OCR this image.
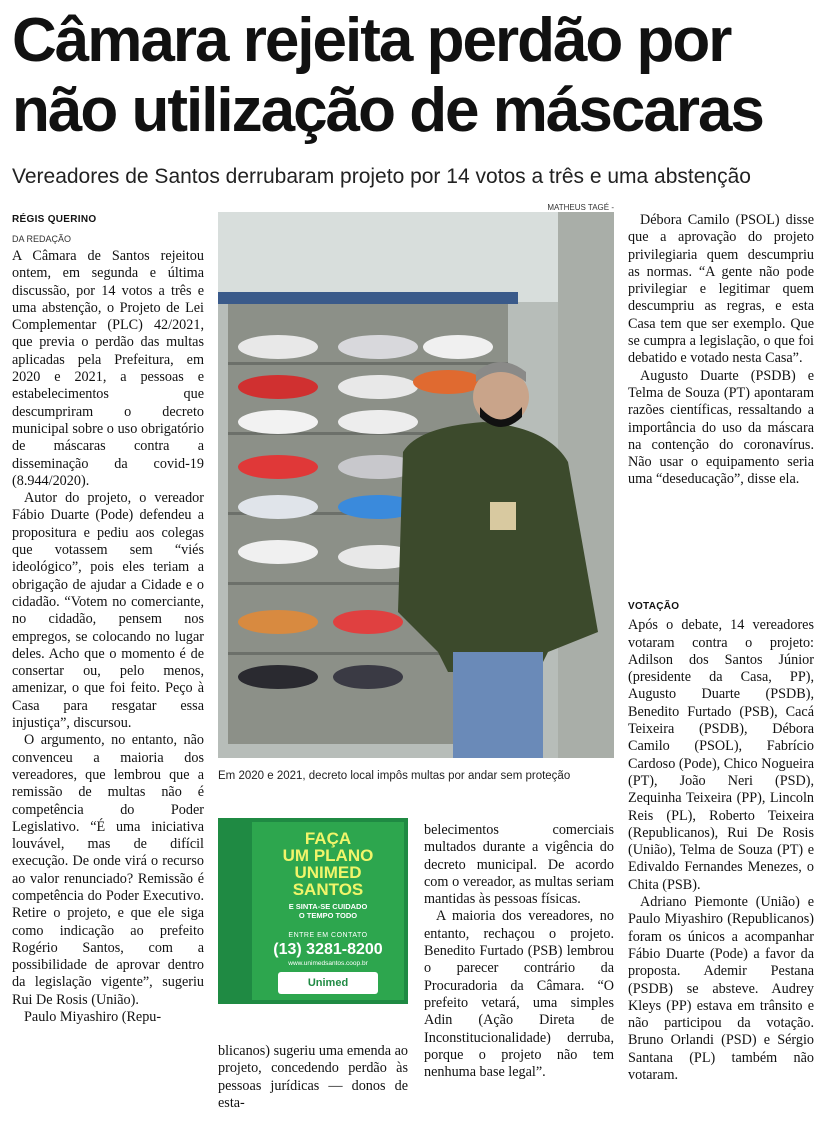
Câmara rejeita perdão por
não utilização de máscaras
Vereadores de Santos derrubaram projeto por 14 votos a três e uma abstenção
RÉGIS QUERINO
DA REDAÇÃO

A Câmara de Santos rejeitou ontem, em segunda e última discussão, por 14 votos a três e uma abstenção, o Projeto de Lei Complementar (PLC) 42/2021, que previa o perdão das multas aplicadas pela Prefeitura, em 2020 e 2021, a pessoas e estabelecimentos que descumpriram o decreto municipal sobre o uso obrigatório de máscaras contra a disseminação da covid-19 (8.944/2020).

Autor do projeto, o vereador Fábio Duarte (Pode) defendeu a propositura e pediu aos colegas que votassem sem “viés ideológico”, pois eles teriam a obrigação de ajudar a Cidade e o cidadão. “Votem no comerciante, no cidadão, pensem nos empregos, se colocando no lugar deles. Acho que o momento é de consertar ou, pelo menos, amenizar, o que foi feito. Peço à Casa para resgatar essa injustiça”, discursou.

O argumento, no entanto, não convenceu a maioria dos vereadores, que lembrou que a remissão de multas não é competência do Poder Legislativo. “É uma iniciativa louvável, mas de difícil execução. De onde virá o recurso ao valor renunciado? Remissão é competência do Poder Executivo. Retire o projeto, e que ele siga como indicação ao prefeito Rogério Santos, com a possibilidade de aprovar dentro da legislação vigente”, sugeriu Rui De Rosis (União).

Paulo Miyashiro (Repu-

MATHEUS TAGÉ -
Em 2020 e 2021, decreto local impôs multas por andar sem proteção
FAÇA
UM PLANO
UNIMED
SANTOS
E SINTA-SE CUIDADO
O TEMPO TODO
ENTRE EM CONTATO
(13) 3281-8200
www.unimedsantos.coop.br
Unimed

blicanos) sugeriu uma emenda ao projeto, concedendo perdão às pessoas jurídicas — donos de esta-

belecimentos comerciais multados durante a vigência do decreto municipal. De acordo com o vereador, as multas seriam mantidas às pessoas físicas.

A maioria dos vereadores, no entanto, rechaçou o projeto. Benedito Furtado (PSB) lembrou o parecer contrário da Procuradoria da Câmara. “O prefeito vetará, uma simples Adin (Ação Direta de Inconstitucionalidade) derruba, porque o projeto não tem nenhuma base legal”.

Débora Camilo (PSOL) disse que a aprovação do projeto privilegiaria quem descumpriu as normas. “A gente não pode privilegiar e legitimar quem descumpriu as regras, e esta Casa tem que ser exemplo. Que se cumpra a legislação, o que foi debatido e votado nesta Casa”.

Augusto Duarte (PSDB) e Telma de Souza (PT) apontaram razões científicas, ressaltando a importância do uso da máscara na contenção do coronavírus. Não usar o equipamento seria uma “deseducação”, disse ela.

VOTAÇÃO

Após o debate, 14 vereadores votaram contra o projeto: Adilson dos Santos Júnior (presidente da Casa, PP), Augusto Duarte (PSDB), Benedito Furtado (PSB), Cacá Teixeira (PSDB), Débora Camilo (PSOL), Fabrício Cardoso (Pode), Chico Nogueira (PT), João Neri (PSD), Zequinha Teixeira (PP), Lincoln Reis (PL), Roberto Teixeira (Republicanos), Rui De Rosis (União), Telma de Souza (PT) e Edivaldo Fernandes Menezes, o Chita (PSB).

Adriano Piemonte (União) e Paulo Miyashiro (Republicanos) foram os únicos a acompanhar Fábio Duarte (Pode) a favor da proposta. Ademir Pestana (PSDB) se absteve. Audrey Kleys (PP) estava em trânsito e não participou da votação. Bruno Orlandi (PSD) e Sérgio Santana (PL) também não votaram.
